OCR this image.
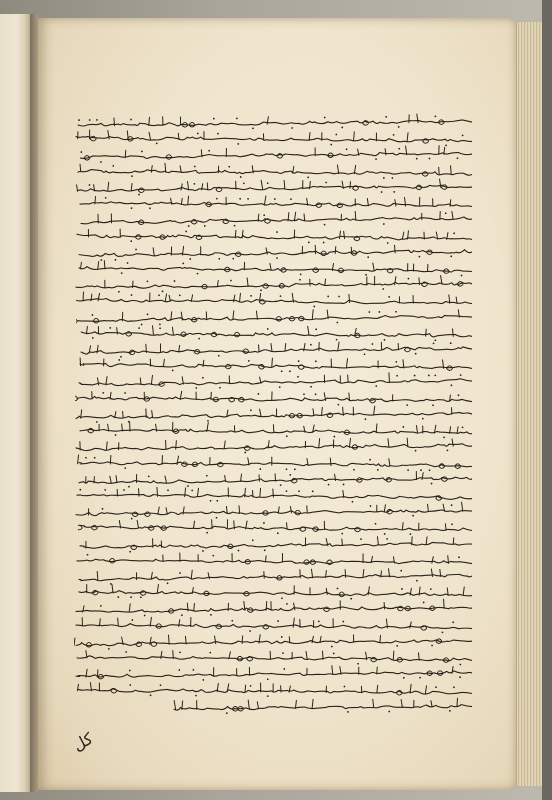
كل
